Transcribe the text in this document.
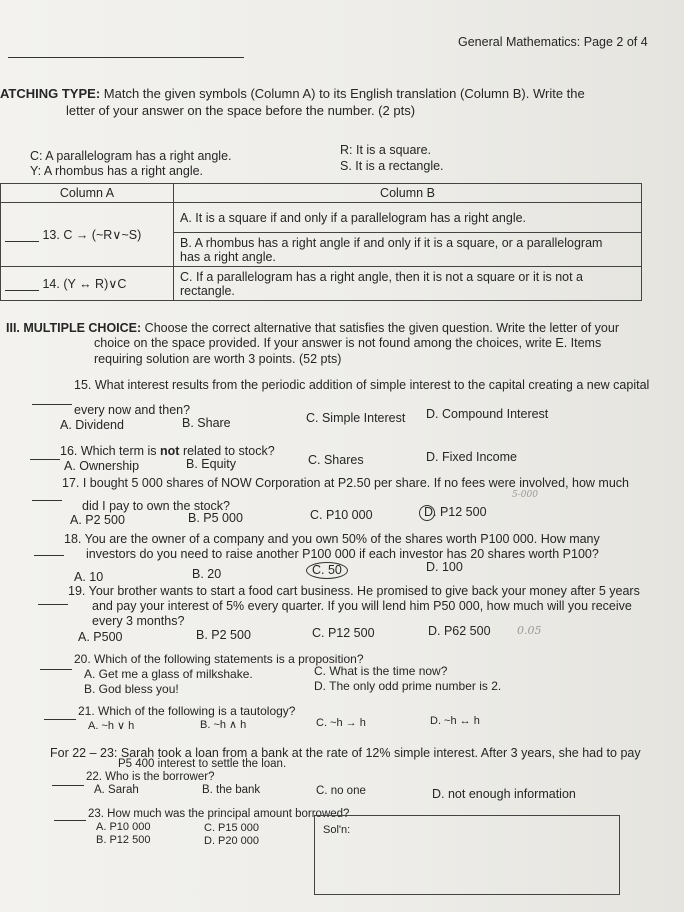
General Mathematics: Page 2 of 4
ATCHING TYPE: Match the given symbols (Column A) to its English translation (Column B). Write the
letter of your answer on the space before the number. (2 pts)
C: A parallelogram has a right angle.
Y: A rhombus has a right angle.
R: It is a square.
S. It is a rectangle.
Column A	Column B
13. C → (~R∨~S)	A. It is a square if and only if a parallelogram has a right angle.

	B. A rhombus has a right angle if and only if it is a square, or a parallelogram
has a right angle.

14. (Y ↔ R)∨C	C. If a parallelogram has a right angle, then it is not a square or it is not a
rectangle.
III. MULTIPLE CHOICE: Choose the correct alternative that satisfies the given question. Write the letter of your
choice on the space provided. If your answer is not found among the choices, write E. Items
requiring solution are worth 3 points. (52 pts)
15. What interest results from the periodic addition of simple interest to the capital creating a new capital
every now and then?
A. Dividend	B. Share	C. Simple Interest D. Compound Interest
16. Which term is not related to stock?
A. Ownership	B. Equity	C. Shares	D. Fixed Income
17. I bought 5 000 shares of NOW Corporation at P2.50 per share. If no fees were involved, how much
did I pay to own the stock?
A. P2 500	B. P5 000	C. P10 000	D. P12 500
5-000
18. You are the owner of a company and you own 50% of the shares worth P100 000. How many
investors do you need to raise another P100 000 if each investor has 20 shares worth P100?
A. 10	B. 20	C. 50	D. 100
19. Your brother wants to start a food cart business. He promised to give back your money after 5 years
and pay your interest of 5% every quarter. If you will lend him P50 000, how much will you receive
every 3 months?
A. P500	B. P2 500	C. P12 500	D. P62 500 0.05
20. Which of the following statements is a proposition?
A. Get me a glass of milkshake.
B. God bless you!
C. What is the time now?
D. The only odd prime number is 2.
21. Which of the following is a tautology?
A. ~h ∨ h	B. ~h ∧ h	C. ~h → h	D. ~h ↔ h
For 22 – 23: Sarah took a loan from a bank at the rate of 12% simple interest. After 3 years, she had to pay
P5 400 interest to settle the loan.
22. Who is the borrower?
A. Sarah	B. the bank	C. no one	D. not enough information
23. How much was the principal amount borrowed?
A. P10 000
B. P12 500
C. P15 000
D. P20 000
Sol'n:
